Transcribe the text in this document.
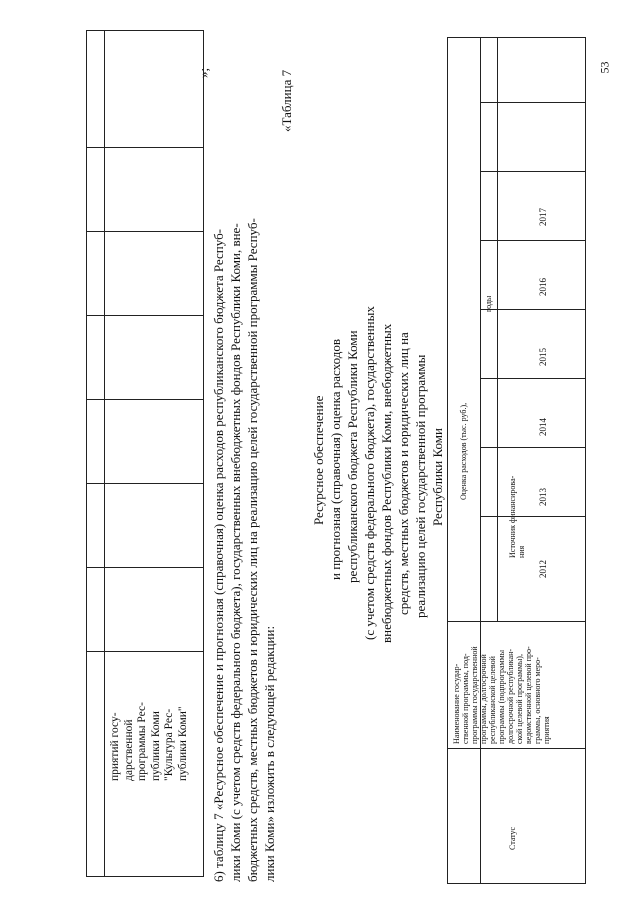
53
приятий госу-
дарственной
программы Рес-
публики Коми
"Культура Рес-
публики Коми"
»;
6) таблицу 7 «Ресурсное обеспечение и прогнозная (справочная) оценка расходов республиканского бюджета Респуб- лики Коми (с учетом средств федерального бюджета), государственных внебюджетных фондов Республики Коми, вне- бюджетных средств, местных бюджетов и юридических лиц на реализацию целей государственной программы Респуб- лики Коми» изложить в следующей редакции:
«Таблица 7
Ресурсное обеспечение и прогнозная (справочная) оценка расходов республиканского бюджета Республики Коми (с учетом средств федерального бюджета), государственных внебюджетных фондов Республики Коми, внебюджетных средств, местных бюджетов и юридических лиц на реализацию целей государственной программы Республики Коми
Статус
Наименование государ-
ственной программы, под-
программы государственной
программы, долгосрочной
республиканской целевой
программы (подпрограммы
долгосрочной республикан-
ской целевой программы),
ведомственной целевой про-
граммы, основного меро-
приятия
Источник финансирова-
ния
Оценка расходов (тыс. руб.),
годы
2012
2013
2014
2015
2016
2017
